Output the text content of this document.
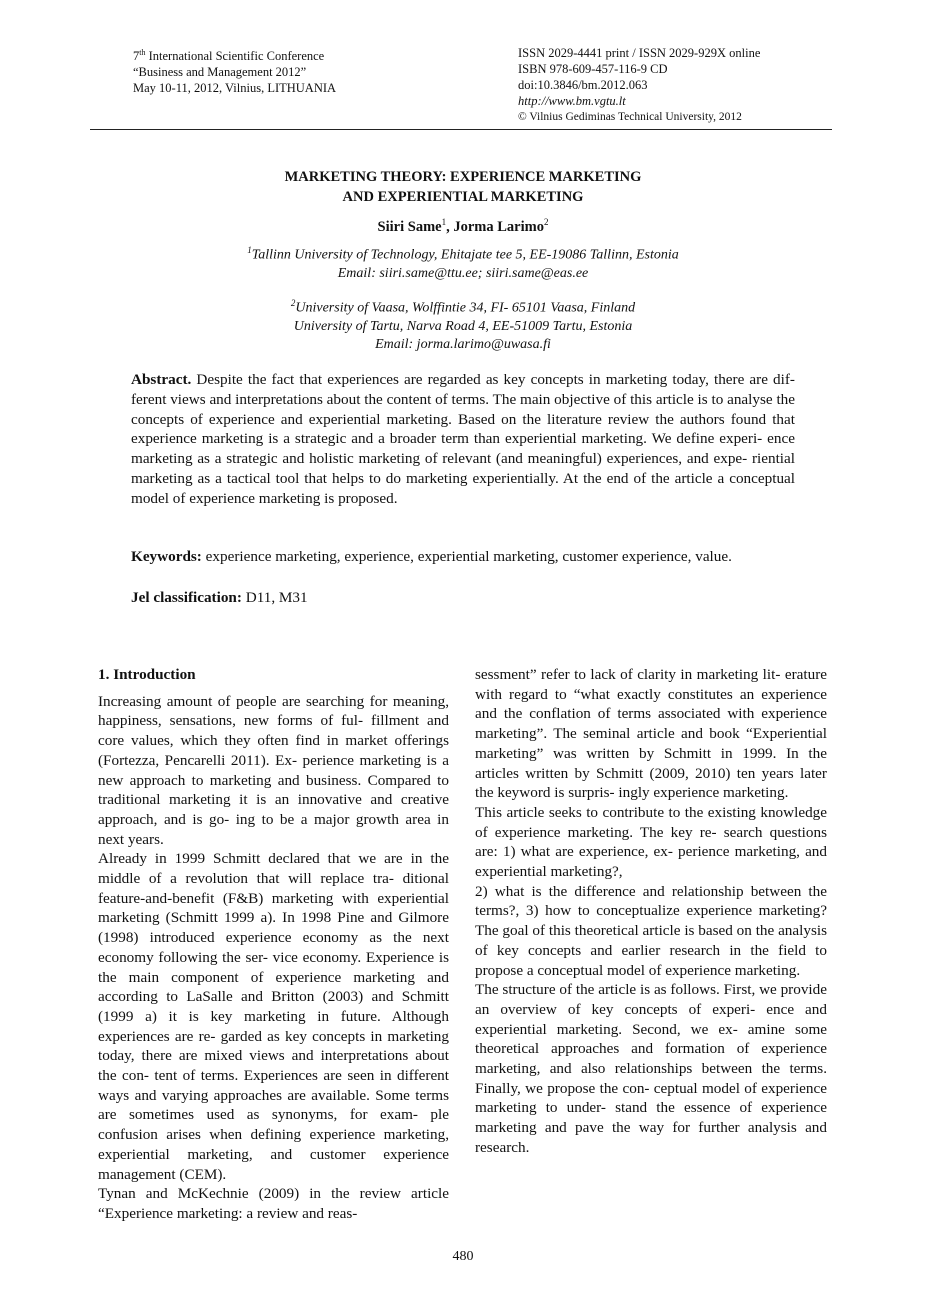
7th International Scientific Conference
“Business and Management 2012”
May 10-11, 2012, Vilnius, LITHUANIA
ISSN 2029-4441 print / ISSN 2029-929X online
ISBN 978-609-457-116-9 CD
doi:10.3846/bm.2012.063
http://www.bm.vgtu.lt
© Vilnius Gediminas Technical University, 2012
MARKETING THEORY: EXPERIENCE MARKETING
AND EXPERIENTIAL MARKETING
Siiri Same$^1$, Jorma Larimo$^2$
$^1$Tallinn University of Technology, Ehitajate tee 5, EE-19086 Tallinn, Estonia
Email: siiri.same@ttu.ee; siiri.same@eas.ee
$^2$University of Vaasa, Wolffintie 34, FI- 65101 Vaasa, Finland
University of Tartu, Narva Road 4, EE-51009 Tartu, Estonia
Email: jorma.larimo@uwasa.fi
Abstract. Despite the fact that experiences are regarded as key concepts in marketing today, there are dif- ferent views and interpretations about the content of terms. The main objective of this article is to analyse the concepts of experience and experiential marketing. Based on the literature review the authors found that experience marketing is a strategic and a broader term than experiential marketing. We define experi- ence marketing as a strategic and holistic marketing of relevant (and meaningful) experiences, and expe- riential marketing as a tactical tool that helps to do marketing experientially. At the end of the article a conceptual model of experience marketing is proposed.
Keywords: experience marketing, experience, experiential marketing, customer experience, value.
Jel classification: D11, M31
1. Introduction

Increasing amount of people are searching for meaning, happiness, sensations, new forms of ful- fillment and core values, which they often find in market offerings (Fortezza, Pencarelli 2011). Ex- perience marketing is a new approach to marketing and business. Compared to traditional marketing it is an innovative and creative approach, and is go- ing to be a major growth area in next years.

Already in 1999 Schmitt declared that we are in the middle of a revolution that will replace tra- ditional feature-and-benefit (F&B) marketing with experiential marketing (Schmitt 1999 a). In 1998 Pine and Gilmore (1998) introduced experience economy as the next economy following the ser- vice economy. Experience is the main component of experience marketing and according to LaSalle and Britton (2003) and Schmitt (1999 a) it is key marketing in future. Although experiences are re- garded as key concepts in marketing today, there are mixed views and interpretations about the con- tent of terms. Experiences are seen in different ways and varying approaches are available. Some terms are sometimes used as synonyms, for exam- ple confusion arises when defining experience marketing, experiential marketing, and customer experience management (CEM).

Tynan and McKechnie (2009) in the review article “Experience marketing: a review and reas-

sessment” refer to lack of clarity in marketing lit- erature with regard to “what exactly constitutes an experience and the conflation of terms associated with experience marketing”. The seminal article and book “Experiential marketing” was written by Schmitt in 1999. In the articles written by Schmitt (2009, 2010) ten years later the keyword is surpris- ingly experience marketing.

This article seeks to contribute to the existing knowledge of experience marketing. The key re- search questions are: 1) what are experience, ex- perience marketing, and experiential marketing?,

2) what is the difference and relationship between the terms?, 3) how to conceptualize experience marketing? The goal of this theoretical article is based on the analysis of key concepts and earlier research in the field to propose a conceptual model of experience marketing.

The structure of the article is as follows. First, we provide an overview of key concepts of experi- ence and experiential marketing. Second, we ex- amine some theoretical approaches and formation of experience marketing, and also relationships between the terms. Finally, we propose the con- ceptual model of experience marketing to under- stand the essence of experience marketing and pave the way for further analysis and research.

480
